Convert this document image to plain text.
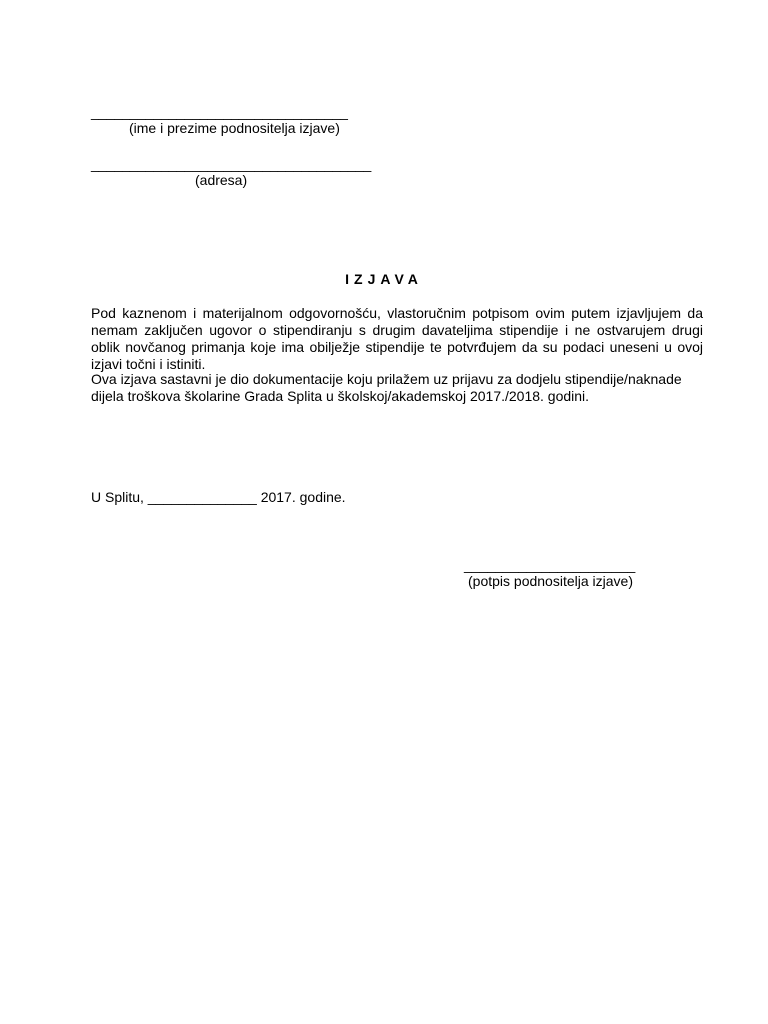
_________________________________
(ime i prezime podnositelja izjave)
____________________________________
(adresa)
IZJAVA
Pod kaznenom i materijalnom odgovornošću, vlastoručnim potpisom ovim putem izjavljujem da nemam zaključen ugovor o stipendiranju s drugim davateljima stipendije i ne ostvarujem drugi oblik novčanog primanja koje ima obilježje stipendije te potvrđujem da su podaci uneseni u ovoj izjavi točni i istiniti.
Ova izjava sastavni je dio dokumentacije koju prilažem uz prijavu za dodjelu stipendije/naknade dijela troškova školarine Grada Splita u školskoj/akademskoj 2017./2018. godini.
U Splitu, ______________ 2017. godine.
______________________
(potpis podnositelja izjave)
